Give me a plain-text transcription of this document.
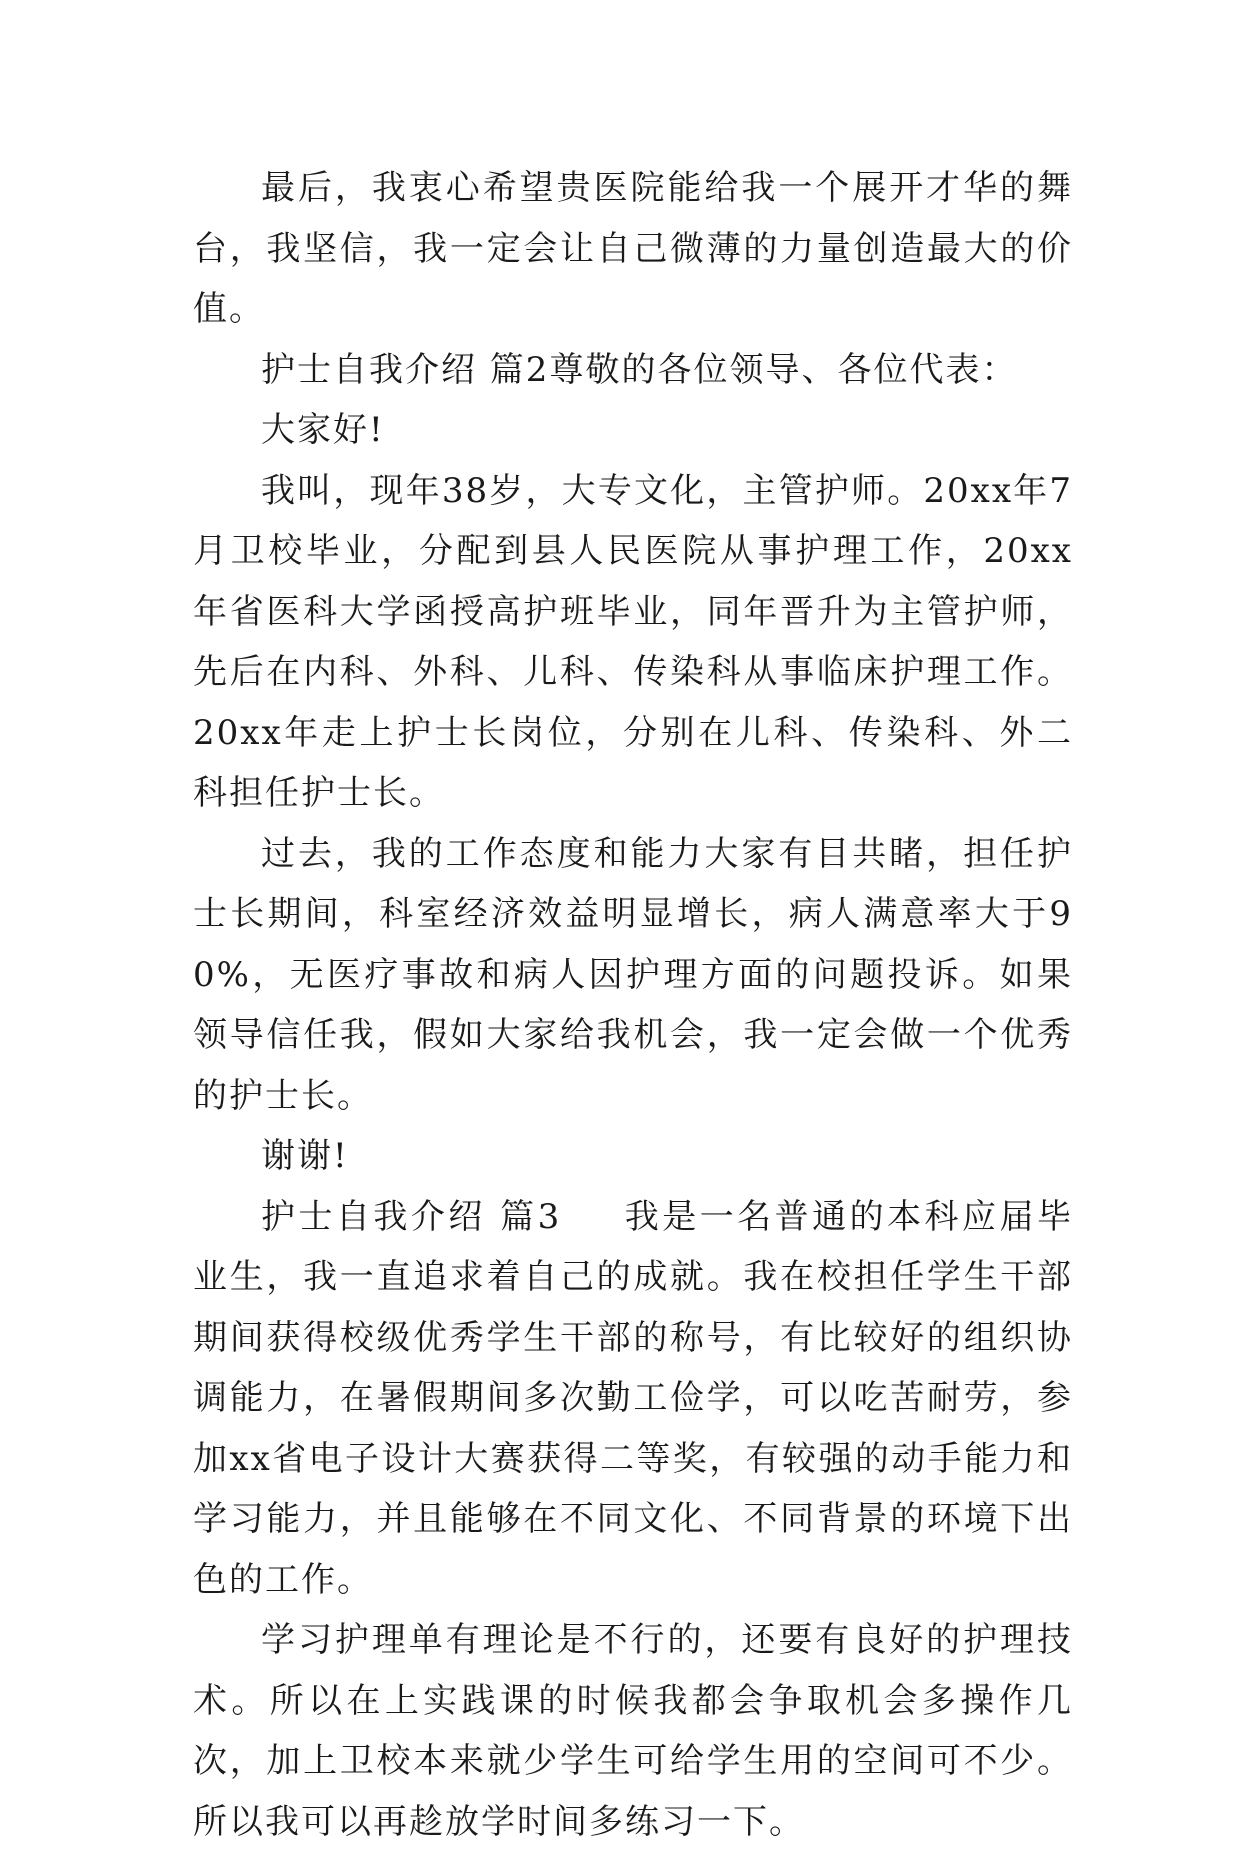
最后，我衷心希望贵医院能给我一个展开才华的舞台，我坚信，我一定会让自己微薄的力量创造最大的价值。

护士自我介绍 篇2尊敬的各位领导、各位代表：

大家好!

我叫，现年38岁，大专文化，主管护师。20xx年7月卫校毕业，分配到县人民医院从事护理工作，20xx年省医科大学函授高护班毕业，同年晋升为主管护师，先后在内科、外科、儿科、传染科从事临床护理工作。20xx年走上护士长岗位，分别在儿科、传染科、外二科担任护士长。

过去，我的工作态度和能力大家有目共睹，担任护士长期间，科室经济效益明显增长，病人满意率大于90%，无医疗事故和病人因护理方面的问题投诉。如果领导信任我，假如大家给我机会，我一定会做一个优秀的护士长。

谢谢!

护士自我介绍 篇3 我是一名普通的本科应届毕业生，我一直追求着自己的成就。我在校担任学生干部期间获得校级优秀学生干部的称号，有比较好的组织协调能力，在暑假期间多次勤工俭学，可以吃苦耐劳，参加xx省电子设计大赛获得二等奖，有较强的动手能力和学习能力，并且能够在不同文化、不同背景的环境下出色的工作。

学习护理单有理论是不行的，还要有良好的护理技术。所以在上实践课的时候我都会争取机会多操作几次，加上卫校本来就少学生可给学生用的空间可不少。所以我可以再趁放学时间多练习一下。
